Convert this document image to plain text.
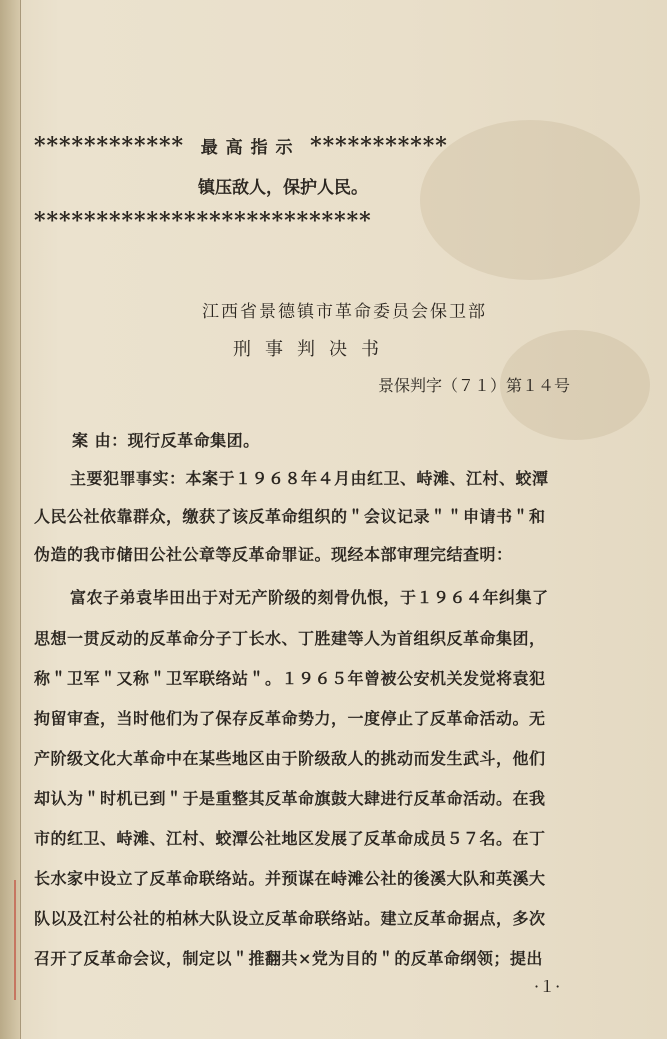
************ 最 高 指 示 ***********
镇压敌人，保护人民。
***************************
江西省景德镇市革命委员会保卫部
刑事判决书
景保判字（７１）第１４号
案 由：现行反革命集团。
主要犯罪事实：本案于１９６８年４月由红卫、峙滩、江村、蛟潭
人民公社依靠群众，缴获了该反革命组织的＂会议记录＂＂申请书＂和
伪造的我市储田公社公章等反革命罪证。现经本部审理完结查明：
富农子弟袁毕田出于对无产阶级的刻骨仇恨，于１９６４年纠集了
思想一贯反动的反革命分子丁长水、丁胜建等人为首组织反革命集团，
称＂卫军＂又称＂卫军联络站＂。１９６５年曾被公安机关发觉将袁犯
拘留审查，当时他们为了保存反革命势力，一度停止了反革命活动。无
产阶级文化大革命中在某些地区由于阶级敌人的挑动而发生武斗，他们
却认为＂时机已到＂于是重整其反革命旗鼓大肆进行反革命活动。在我
市的红卫、峙滩、江村、蛟潭公社地区发展了反革命成员５７名。在丁
长水家中设立了反革命联络站。并预谋在峙滩公社的後溪大队和英溪大
队以及江村公社的柏林大队设立反革命联络站。建立反革命据点，多次
召开了反革命会议，制定以＂推翻共×党为目的＂的反革命纲领；提出
·１·
